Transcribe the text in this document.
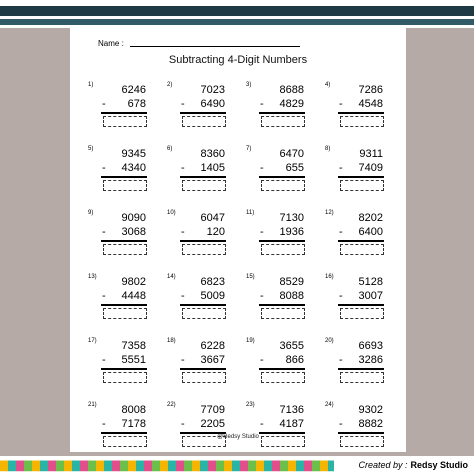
Name :
Subtracting 4-Digit Numbers
1)	6246
-	678
2)	7023
-	6490
3)	8688
-	4829
4)	7286
-	4548
5)	9345
-	4340
6)	8360
-	1405
7)	6470
-	655
8)	9311
-	7409
9)	9090
-	3068
10)	6047
-	120
11)	7130
-	1936
12)	8202
-	6400
13)	9802
-	4448
14)	6823
-	5009
15)	8529
-	8088
16)	5128
-	3007
17)	7358
-	5551
18)	6228
-	3667
19)	3655
-	866
20)	6693
-	3286
21)	8008
-	7178
22)	7709
-	2205
23)	7136
-	4187
24)	9302
-	8882
@Redsy Studio
Created by : Redsy Studio
